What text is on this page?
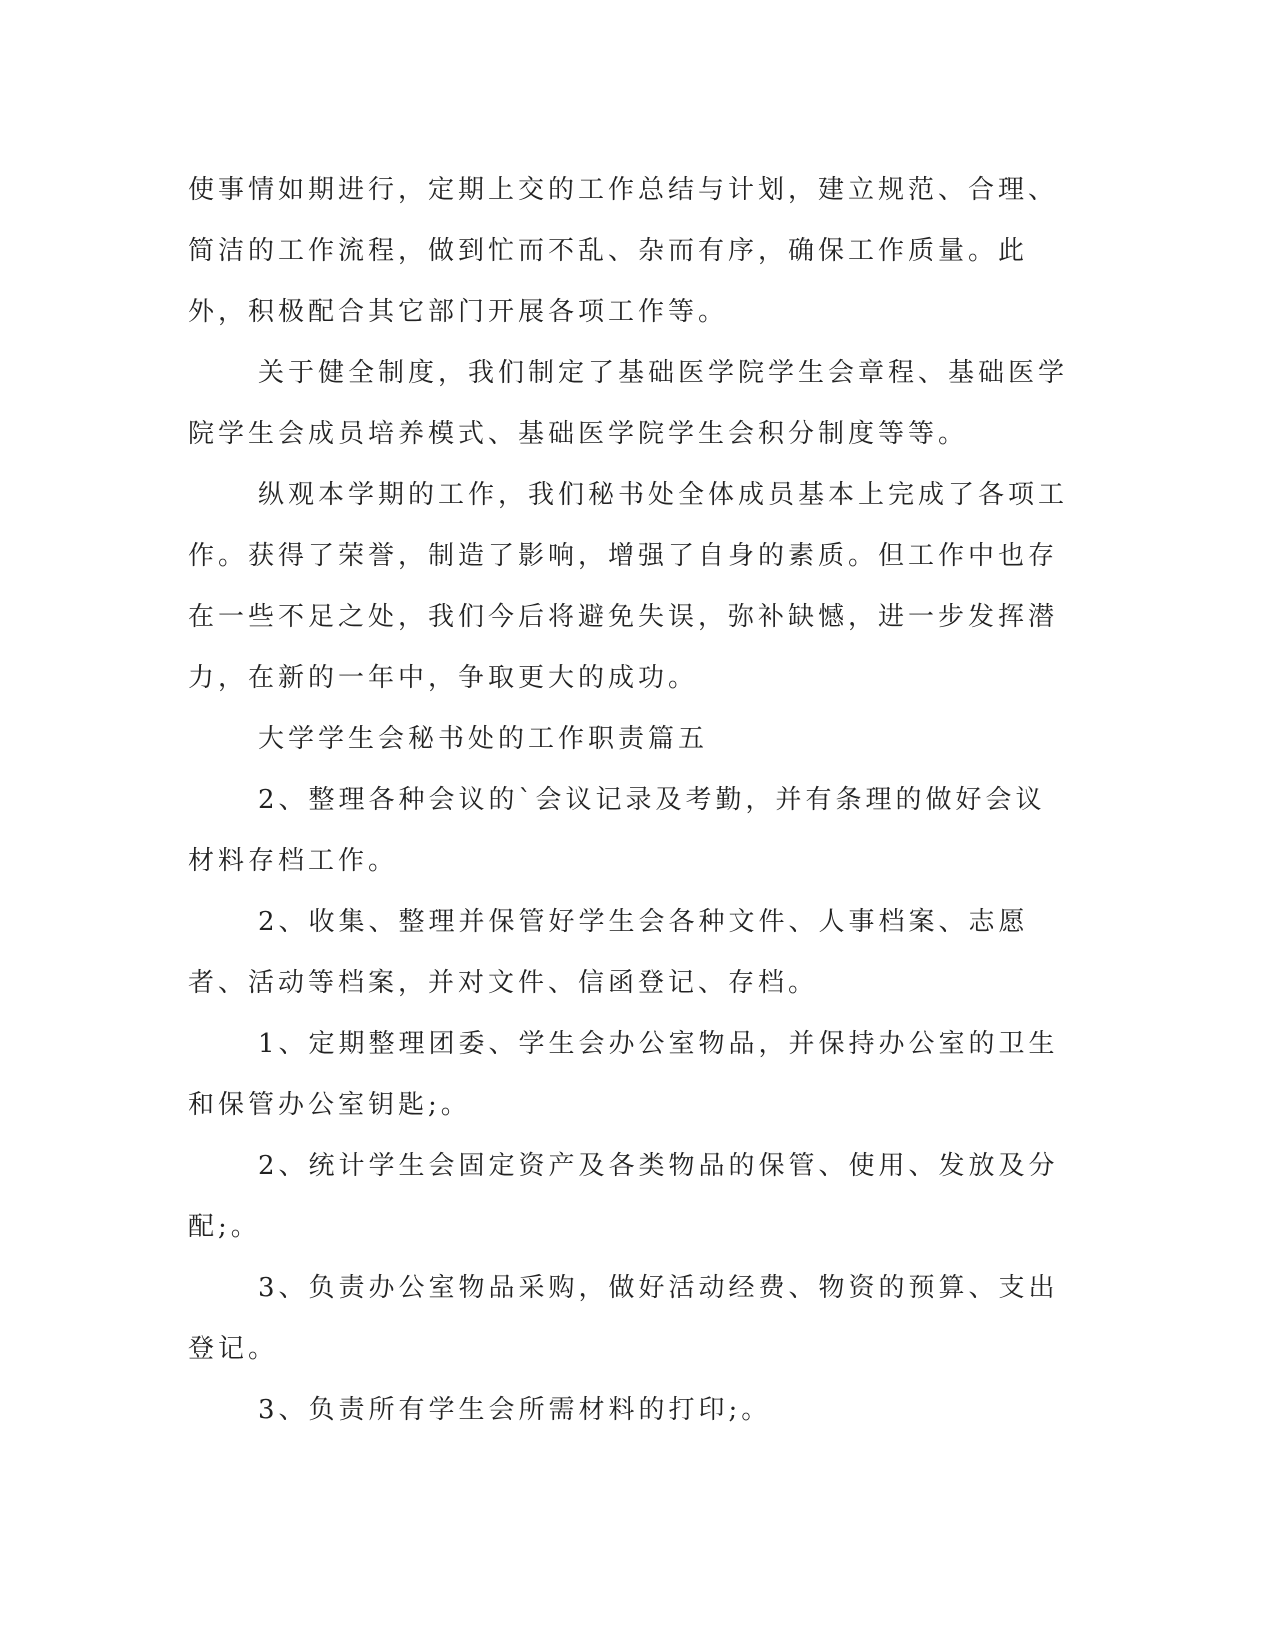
使事情如期进行，定期上交的工作总结与计划，建立规范、合理、简洁的工作流程，做到忙而不乱、杂而有序，确保工作质量。此外，积极配合其它部门开展各项工作等。

关于健全制度，我们制定了基础医学院学生会章程、基础医学院学生会成员培养模式、基础医学院学生会积分制度等等。

纵观本学期的工作，我们秘书处全体成员基本上完成了各项工作。获得了荣誉，制造了影响，增强了自身的素质。但工作中也存在一些不足之处，我们今后将避免失误，弥补缺憾，进一步发挥潜力，在新的一年中，争取更大的成功。

大学学生会秘书处的工作职责篇五

2、整理各种会议的`会议记录及考勤，并有条理的做好会议材料存档工作。

2、收集、整理并保管好学生会各种文件、人事档案、志愿者、活动等档案，并对文件、信函登记、存档。

1、定期整理团委、学生会办公室物品，并保持办公室的卫生和保管办公室钥匙;。

2、统计学生会固定资产及各类物品的保管、使用、发放及分配;。

3、负责办公室物品采购，做好活动经费、物资的预算、支出登记。

3、负责所有学生会所需材料的打印;。
